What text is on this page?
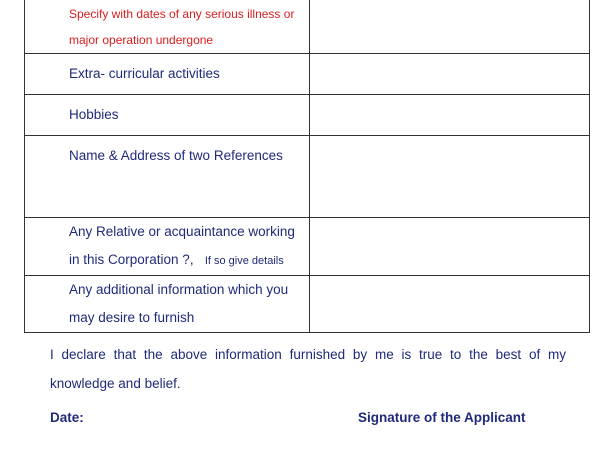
Specify with dates of any serious illness or
major operation undergone	

Extra- curricular activities	

Hobbies	

Name & Address of two References	

Any Relative or acquaintance working
in this Corporation ?, If so give details	

Any additional information which you
may desire to furnish	

I declare that the above information furnished by me is true to the best of my knowledge and belief.
Date:	Signature of the Applicant
